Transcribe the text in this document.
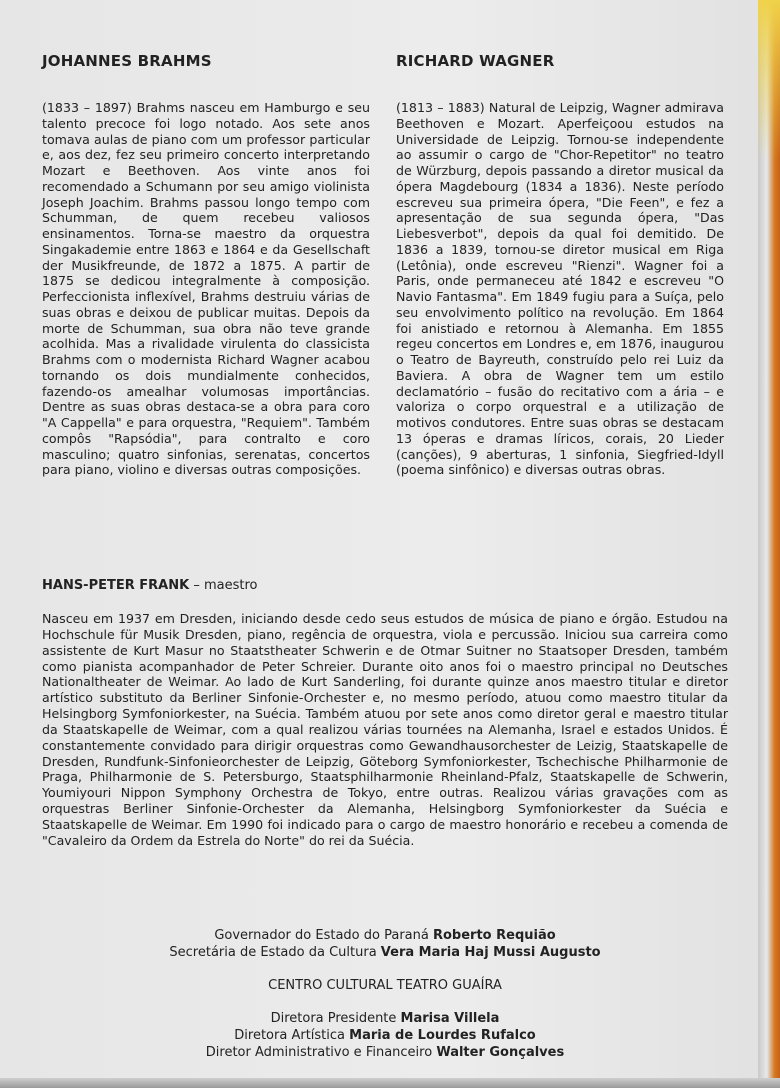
JOHANNES BRAHMS

(1833 – 1897) Brahms nasceu em Hamburgo e seu talento precoce foi logo notado. Aos sete anos tomava aulas de piano com um professor particular e, aos dez, fez seu primeiro concerto interpretando Mozart e Beethoven. Aos vinte anos foi recomendado a Schumann por seu amigo violinista Joseph Joachim. Brahms passou longo tempo com Schumman, de quem recebeu valiosos ensinamentos. Torna-se maestro da orquestra Singakademie entre 1863 e 1864 e da Gesellschaft der Musikfreunde, de 1872 a 1875. A partir de 1875 se dedicou integralmente à composição. Perfeccionista inflexível, Brahms destruiu várias de suas obras e deixou de publicar muitas. Depois da morte de Schumman, sua obra não teve grande acolhida. Mas a rivalidade virulenta do classicista Brahms com o modernista Richard Wagner acabou tornando os dois mundialmente conhecidos, fazendo-os amealhar volumosas importâncias. Dentre as suas obras destaca-se a obra para coro "A Cappella" e para orquestra, "Requiem". Também compôs "Rapsódia", para contralto e coro masculino; quatro sinfonias, serenatas, concertos para piano, violino e diversas outras composições.

RICHARD WAGNER

(1813 – 1883) Natural de Leipzig, Wagner admirava Beethoven e Mozart. Aperfeiçoou estudos na Universidade de Leipzig. Tornou-se independente ao assumir o cargo de "Chor-Repetitor" no teatro de Würzburg, depois passando a diretor musical da ópera Magdebourg (1834 a 1836). Neste período escreveu sua primeira ópera, "Die Feen", e fez a apresentação de sua segunda ópera, "Das Liebesverbot", depois da qual foi demitido. De 1836 a 1839, tornou-se diretor musical em Riga (Letônia), onde escreveu "Rienzi". Wagner foi a Paris, onde permaneceu até 1842 e escreveu "O Navio Fantasma". Em 1849 fugiu para a Suíça, pelo seu envolvimento político na revolução. Em 1864 foi anistiado e retornou à Alemanha. Em 1855 regeu concertos em Londres e, em 1876, inaugurou o Teatro de Bayreuth, construído pelo rei Luiz da Baviera. A obra de Wagner tem um estilo declamatório – fusão do recitativo com a ária – e valoriza o corpo orquestral e a utilização de motivos condutores. Entre suas obras se destacam 13 óperas e dramas líricos, corais, 20 Lieder (canções), 9 aberturas, 1 sinfonia, Siegfried-Idyll (poema sinfônico) e diversas outras obras.

HANS-PETER FRANK – maestro

Nasceu em 1937 em Dresden, iniciando desde cedo seus estudos de música de piano e órgão. Estudou na Hochschule für Musik Dresden, piano, regência de orquestra, viola e percussão. Iniciou sua carreira como assistente de Kurt Masur no Staatstheater Schwerin e de Otmar Suitner no Staatsoper Dresden, também como pianista acompanhador de Peter Schreier. Durante oito anos foi o maestro principal no Deutsches Nationaltheater de Weimar. Ao lado de Kurt Sanderling, foi durante quinze anos maestro titular e diretor artístico substituto da Berliner Sinfonie-Orchester e, no mesmo período, atuou como maestro titular da Helsingborg Symfoniorkester, na Suécia. Também atuou por sete anos como diretor geral e maestro titular da Staatskapelle de Weimar, com a qual realizou várias tournées na Alemanha, Israel e estados Unidos. É constantemente convidado para dirigir orquestras como Gewandhausorchester de Leizig, Staatskapelle de Dresden, Rundfunk-Sinfonieorchester de Leipzig, Göteborg Symfoniorkester, Tschechische Philharmonie de Praga, Philharmonie de S. Petersburgo, Staatsphilharmonie Rheinland-Pfalz, Staatskapelle de Schwerin, Youmiyouri Nippon Symphony Orchestra de Tokyo, entre outras. Realizou várias gravações com as orquestras Berliner Sinfonie-Orchester da Alemanha, Helsingborg Symfoniorkester da Suécia e Staatskapelle de Weimar. Em 1990 foi indicado para o cargo de maestro honorário e recebeu a comenda de "Cavaleiro da Ordem da Estrela do Norte" do rei da Suécia.

Governador do Estado do Paraná Roberto Requião
Secretária de Estado da Cultura Vera Maria Haj Mussi Augusto
CENTRO CULTURAL TEATRO GUAÍRA
Diretora Presidente Marisa Villela
Diretora Artística Maria de Lourdes Rufalco
Diretor Administrativo e Financeiro Walter Gonçalves
